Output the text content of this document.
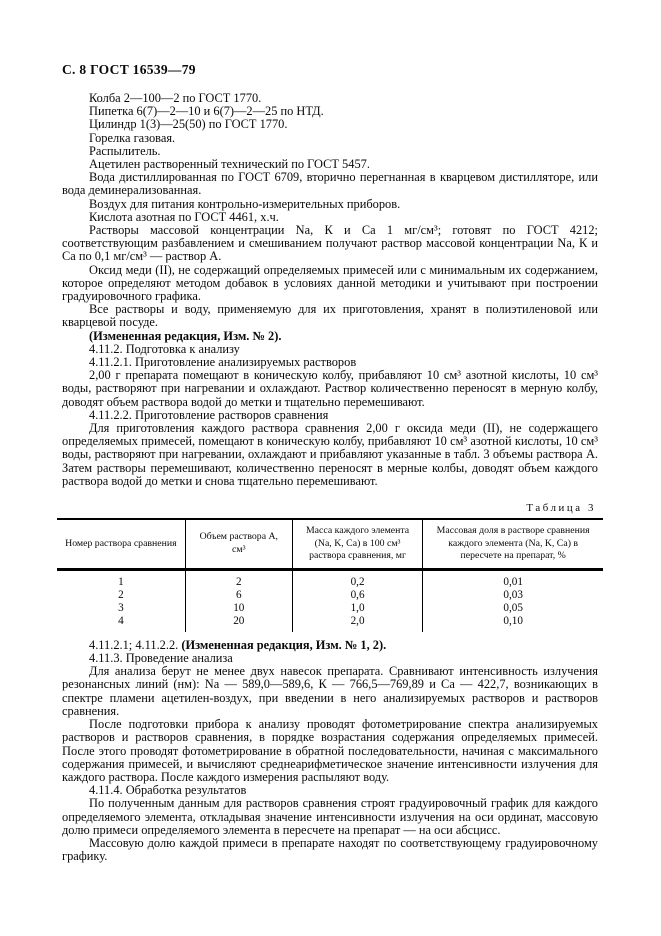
С. 8 ГОСТ 16539—79

Колба 2—100—2 по ГОСТ 1770.

Пипетка 6(7)—2—10 и 6(7)—2—25 по НТД.

Цилиндр 1(3)—25(50) по ГОСТ 1770.

Горелка газовая.

Распылитель.

Ацетилен растворенный технический по ГОСТ 5457.

Вода дистиллированная по ГОСТ 6709, вторично перегнанная в кварцевом дистилляторе, или вода деминерализованная.

Воздух для питания контрольно-измерительных приборов.

Кислота азотная по ГОСТ 4461, х.ч.

Растворы массовой концентрации Na, К и Са 1 мг/см³; готовят по ГОСТ 4212; соответствующим разбавлением и смешиванием получают раствор массовой концентрации Na, К и Са по 0,1 мг/см³ — раствор А.

Оксид меди (II), не содержащий определяемых примесей или с минимальным их содержанием, которое определяют методом добавок в условиях данной методики и учитывают при построении градуировочного графика.

Все растворы и воду, применяемую для их приготовления, хранят в полиэтиленовой или кварцевой посуде.

(Измененная редакция, Изм. № 2).

4.11.2. Подготовка к анализу

4.11.2.1. Приготовление анализируемых растворов

2,00 г препарата помещают в коническую колбу, прибавляют 10 см³ азотной кислоты, 10 см³ воды, растворяют при нагревании и охлаждают. Раствор количественно переносят в мерную колбу, доводят объем раствора водой до метки и тщательно перемешивают.

4.11.2.2. Приготовление растворов сравнения

Для приготовления каждого раствора сравнения 2,00 г оксида меди (II), не содержащего определяемых примесей, помещают в коническую колбу, прибавляют 10 см³ азотной кислоты, 10 см³ воды, растворяют при нагревании, охлаждают и прибавляют указанные в табл. 3 объемы раствора А. Затем растворы перемешивают, количественно переносят в мерные колбы, доводят объем каждого раствора водой до метки и снова тщательно перемешивают.

Таблица 3
Номер раствора сравнения	Объем раствора А, см³	Масса каждого элемента (Na, K, Ca) в 100 см³ раствора сравнения, мг	Массовая доля в растворе сравнения каждого элемента (Na, K, Ca) в пересчете на препарат, %
1	2	0,2	0,01
2	6	0,6	0,03
3	10	1,0	0,05
4	20	2,0	0,10

4.11.2.1; 4.11.2.2. (Измененная редакция, Изм. № 1, 2).

4.11.3. Проведение анализа

Для анализа берут не менее двух навесок препарата. Сравнивают интенсивность излучения резонансных линий (нм): Na — 589,0—589,6, К — 766,5—769,89 и Са — 422,7, возникающих в спектре пламени ацетилен-воздух, при введении в него анализируемых растворов и растворов сравнения.

После подготовки прибора к анализу проводят фотометрирование спектра анализируемых растворов и растворов сравнения, в порядке возрастания содержания определяемых примесей. После этого проводят фотометрирование в обратной последовательности, начиная с максимального содержания примесей, и вычисляют среднеарифметическое значение интенсивности излучения для каждого раствора. После каждого измерения распыляют воду.

4.11.4. Обработка результатов

По полученным данным для растворов сравнения строят градуировочный график для каждого определяемого элемента, откладывая значение интенсивности излучения на оси ординат, массовую долю примеси определяемого элемента в пересчете на препарат — на оси абсцисс.

Массовую долю каждой примеси в препарате находят по соответствующему градуировочному графику.
